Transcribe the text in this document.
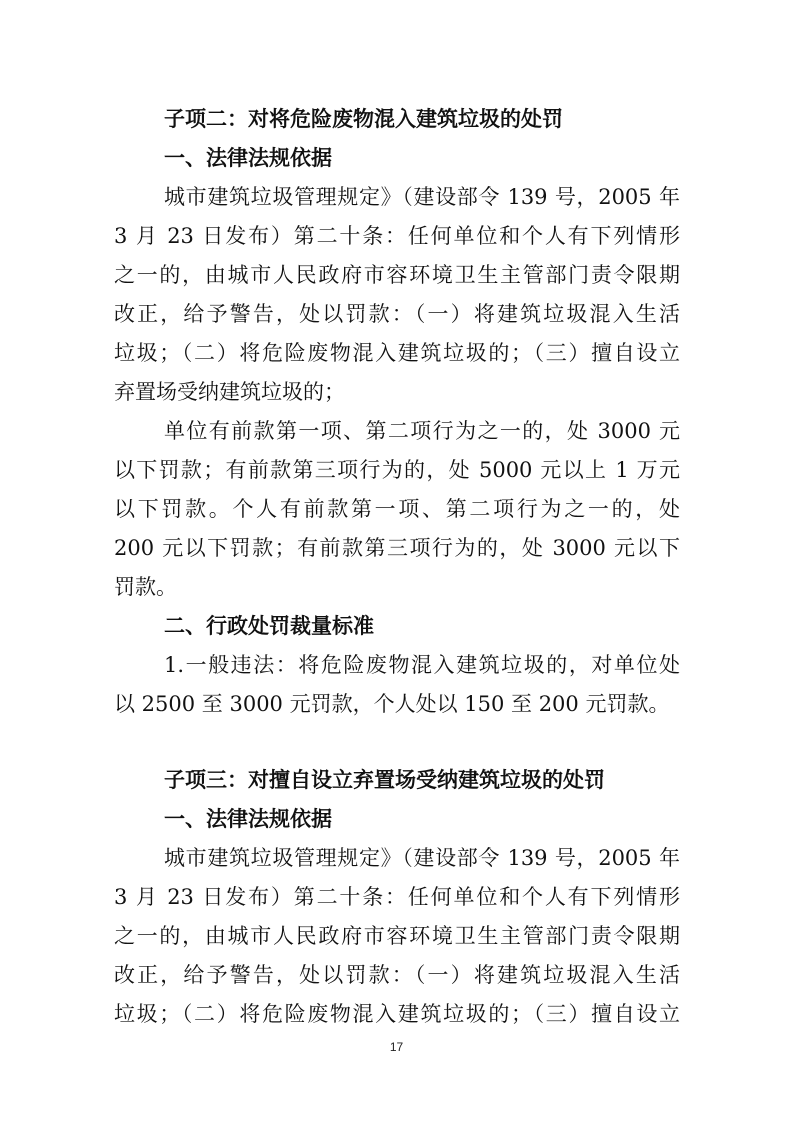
子项二：对将危险废物混入建筑垃圾的处罚
一、法律法规依据
城市建筑垃圾管理规定》（建设部令 139 号，2005 年
3 月 23 日发布）第二十条：任何单位和个人有下列情形
之一的，由城市人民政府市容环境卫生主管部门责令限期
改正，给予警告，处以罚款：（一）将建筑垃圾混入生活
垃圾；（二）将危险废物混入建筑垃圾的；（三）擅自设立
弃置场受纳建筑垃圾的；
单位有前款第一项、第二项行为之一的，处 3000 元
以下罚款；有前款第三项行为的，处 5000 元以上 1 万元
以下罚款。个人有前款第一项、第二项行为之一的，处
200 元以下罚款；有前款第三项行为的，处 3000 元以下
罚款。
二、行政处罚裁量标准
1.一般违法：将危险废物混入建筑垃圾的，对单位处
以 2500 至 3000 元罚款，个人处以 150 至 200 元罚款。
子项三：对擅自设立弃置场受纳建筑垃圾的处罚
一、法律法规依据
城市建筑垃圾管理规定》（建设部令 139 号，2005 年
3 月 23 日发布）第二十条：任何单位和个人有下列情形
之一的，由城市人民政府市容环境卫生主管部门责令限期
改正，给予警告，处以罚款：（一）将建筑垃圾混入生活
垃圾；（二）将危险废物混入建筑垃圾的；（三）擅自设立
17
